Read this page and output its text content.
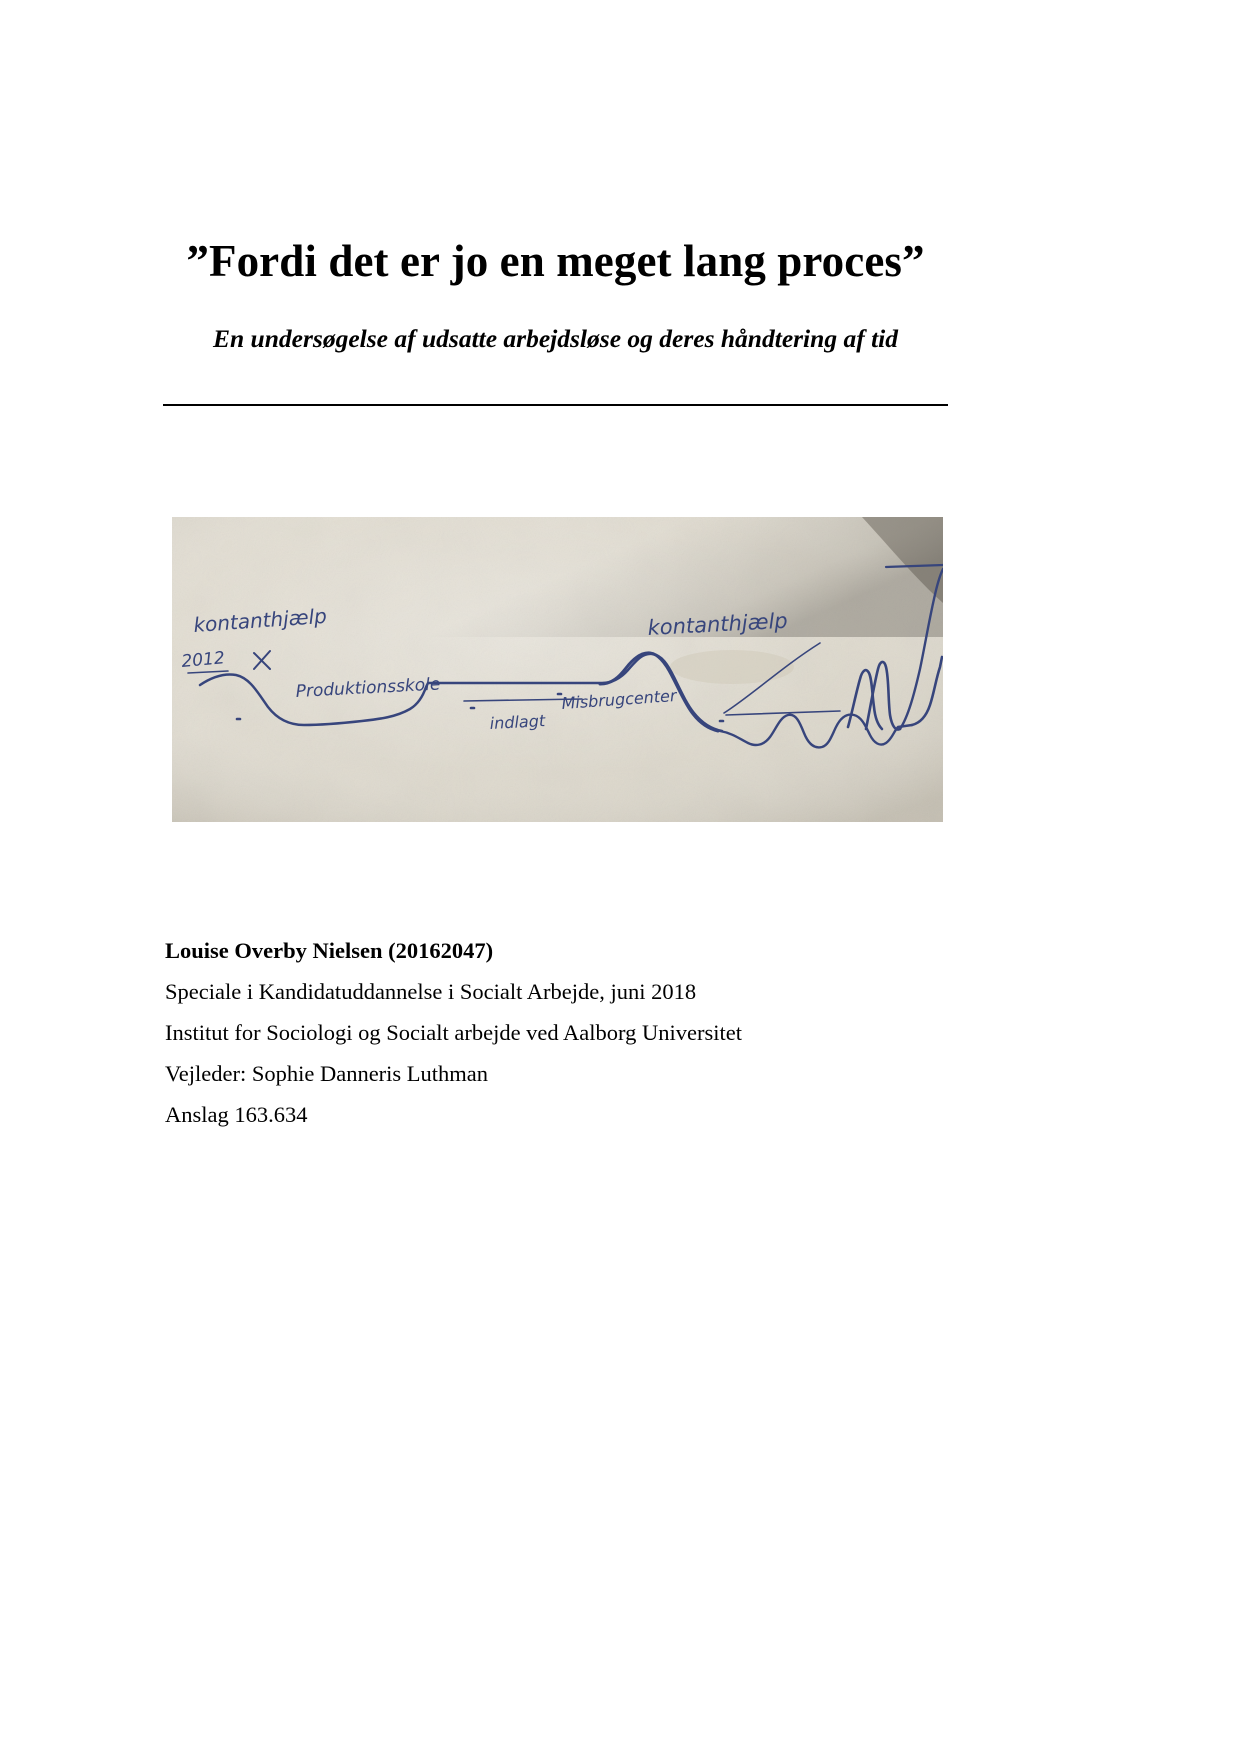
”Fordi det er jo en meget lang proces”
En undersøgelse af udsatte arbejdsløse og deres håndtering af tid
kontanthjælp
2012
Produktionsskole
indlagt
Misbrugcenter
kontanthjælp

Louise Overby Nielsen (20162047)

Speciale i Kandidatuddannelse i Socialt Arbejde, juni 2018

Institut for Sociologi og Socialt arbejde ved Aalborg Universitet

Vejleder: Sophie Danneris Luthman

Anslag 163.634
